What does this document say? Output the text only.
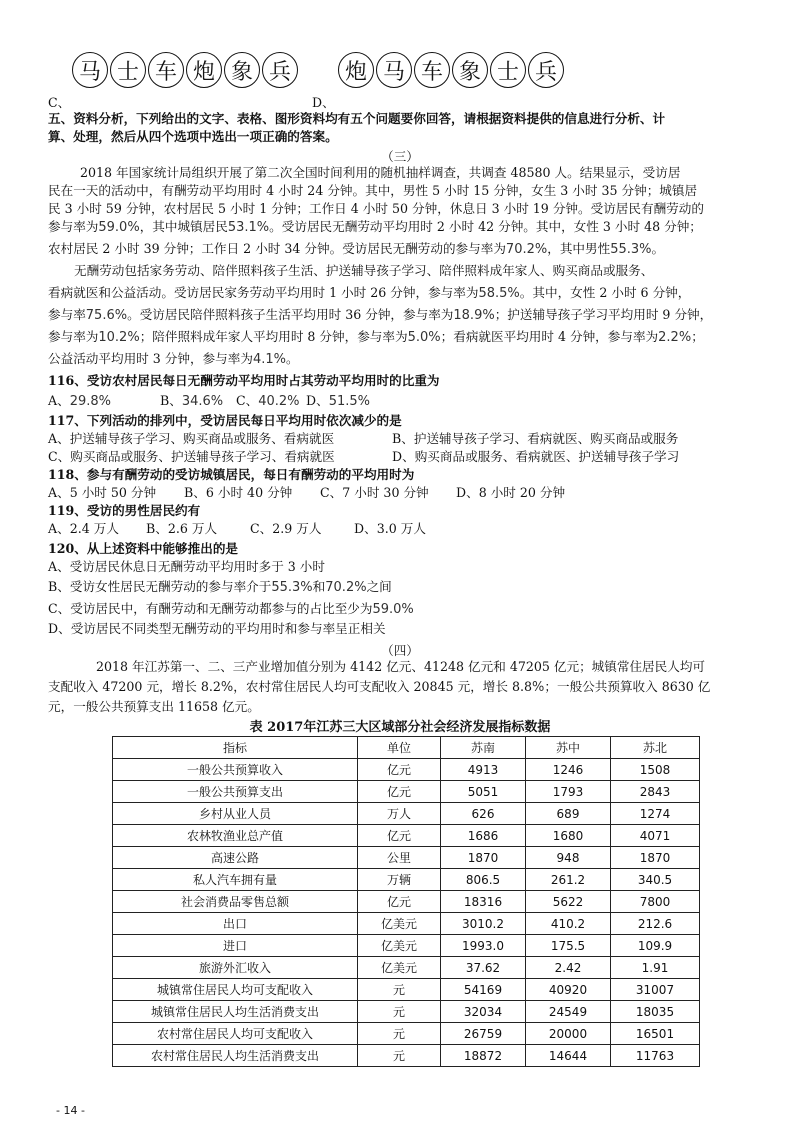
马 士 车 炮 象 兵	炮 马 车 象 士 兵
C、	D、
五、资料分析，下列给出的文字、表格、图形资料均有五个问题要你回答，请根据资料提供的信息进行分析、计
算、处理，然后从四个选项中选出一项正确的答案。
（三）
2018 年国家统计局组织开展了第二次全国时间利用的随机抽样调查，共调查 48580 人。结果显示，受访居
民在一天的活动中，有酬劳动平均用时 4 小时 24 分钟。其中，男性 5 小时 15 分钟，女生 3 小时 35 分钟；城镇居
民 3 小时 59 分钟，农村居民 5 小时 1 分钟；工作日 4 小时 50 分钟，休息日 3 小时 19 分钟。受访居民有酬劳动的
参与率为59.0%，其中城镇居民53.1%。受访居民无酬劳动平均用时 2 小时 42 分钟。其中，女性 3 小时 48 分钟；
农村居民 2 小时 39 分钟；工作日 2 小时 34 分钟。受访居民无酬劳动的参与率为70.2%，其中男性55.3%。
无酬劳动包括家务劳动、陪伴照料孩子生活、护送辅导孩子学习、陪伴照料成年家人、购买商品或服务、
看病就医和公益活动。受访居民家务劳动平均用时 1 小时 26 分钟，参与率为58.5%。其中，女性 2 小时 6 分钟，
参与率75.6%。受访居民陪伴照料孩子生活平均用时 36 分钟，参与率为18.9%；护送辅导孩子学习平均用时 9 分钟，
参与率为10.2%；陪伴照料成年家人平均用时 8 分钟，参与率为5.0%；看病就医平均用时 4 分钟，参与率为2.2%；
公益活动平均用时 3 分钟，参与率为4.1%。
116、受访农村居民每日无酬劳动平均用时占其劳动平均用时的比重为
A、29.8%	B、34.6% C、40.2% D、51.5%
117、下列活动的排列中，受访居民每日平均用时依次减少的是
A、护送辅导孩子学习、购买商品或服务、看病就医	B、护送辅导孩子学习、看病就医、购买商品或服务
C、购买商品或服务、护送辅导孩子学习、看病就医	D、购买商品或服务、看病就医、护送辅导孩子学习
118、参与有酬劳动的受访城镇居民，每日有酬劳动的平均用时为
A、5 小时 50 分钟 B、6 小时 40 分钟 C、7 小时 30 分钟 D、8 小时 20 分钟
119、受访的男性居民约有
A、2.4 万人 B、2.6 万人	C、2.9 万人	D、3.0 万人
120、从上述资料中能够推出的是
A、受访居民休息日无酬劳动平均用时多于 3 小时
B、受访女性居民无酬劳动的参与率介于55.3%和70.2%之间
C、受访居民中，有酬劳动和无酬劳动都参与的占比至少为59.0%
D、受访居民不同类型无酬劳动的平均用时和参与率呈正相关
（四）
2018 年江苏第一、二、三产业增加值分别为 4142 亿元、41248 亿元和 47205 亿元；城镇常住居民人均可
支配收入 47200 元，增长 8.2%，农村常住居民人均可支配收入 20845 元，增长 8.8%；一般公共预算收入 8630 亿
元，一般公共预算支出 11658 亿元。
表 2017年江苏三大区域部分社会经济发展指标数据
指标	单位	苏南	苏中	苏北
一般公共预算收入	亿元	4913	1246	1508
一般公共预算支出	亿元	5051	1793	2843
乡村从业人员	万人	626	689	1274
农林牧渔业总产值	亿元	1686	1680	4071
高速公路	公里	1870	948	1870
私人汽车拥有量	万辆	806.5	261.2	340.5
社会消费品零售总额	亿元	18316	5622	7800
出口	亿美元	3010.2	410.2	212.6
进口	亿美元	1993.0	175.5	109.9
旅游外汇收入	亿美元	37.62	2.42	1.91
城镇常住居民人均可支配收入	元	54169	40920	31007
城镇常住居民人均生活消费支出	元	32034	24549	18035
农村常住居民人均可支配收入	元	26759	20000	16501
农村常住居民人均生活消费支出	元	18872	14644	11763
- 14 -
